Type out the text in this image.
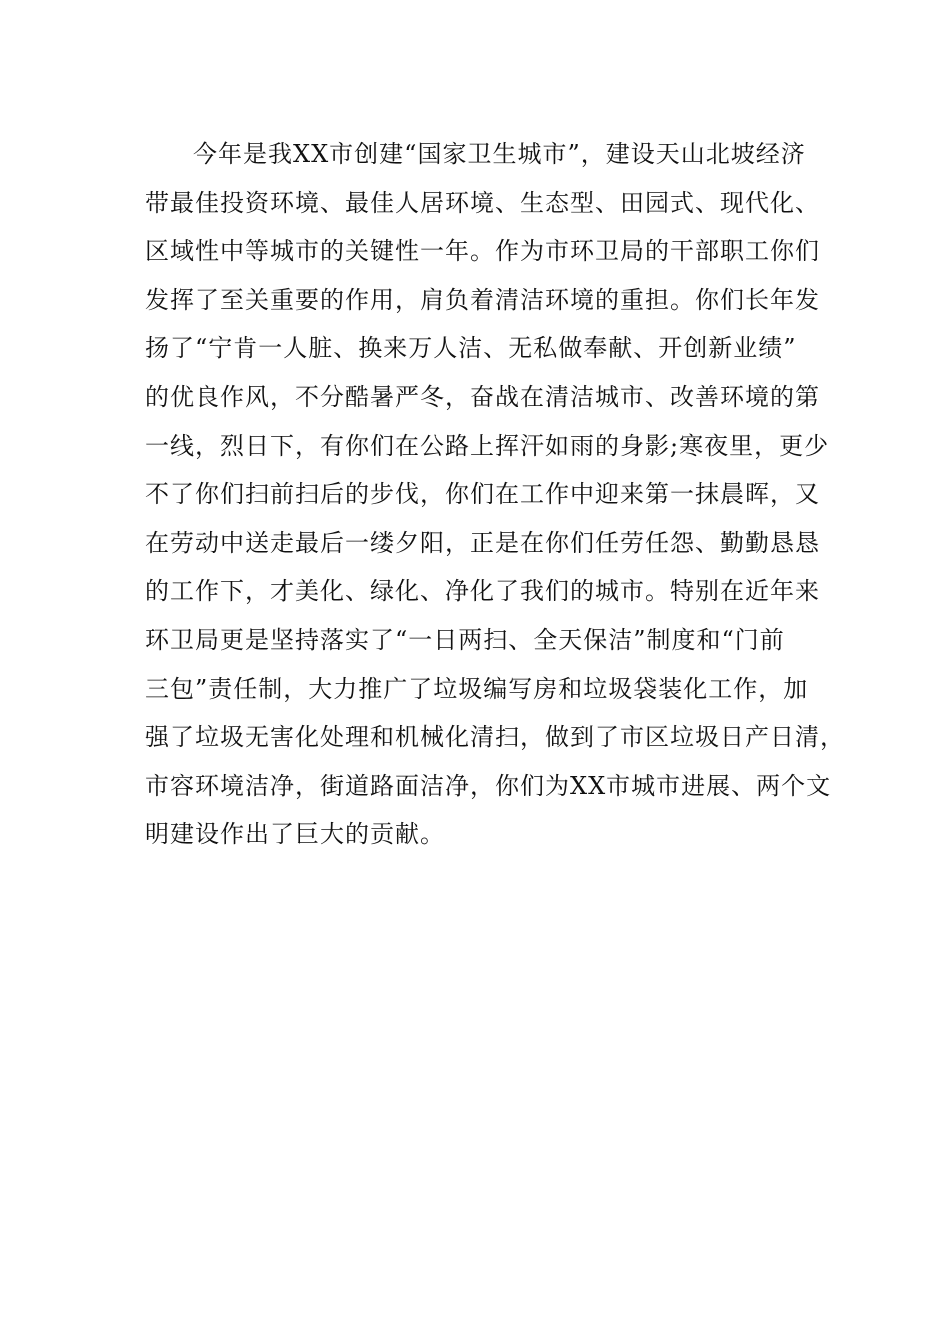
今年是我XX市创建“国家卫生城市”，建设天山北坡经济
带最佳投资环境、最佳人居环境、生态型、田园式、现代化、
区域性中等城市的关键性一年。作为市环卫局的干部职工你们
发挥了至关重要的作用，肩负着清洁环境的重担。你们长年发
扬了“宁肯一人脏、换来万人洁、无私做奉献、开创新业绩”
的优良作风，不分酷暑严冬，奋战在清洁城市、改善环境的第
一线，烈日下，有你们在公路上挥汗如雨的身影;寒夜里，更少
不了你们扫前扫后的步伐，你们在工作中迎来第一抹晨晖，又
在劳动中送走最后一缕夕阳，正是在你们任劳任怨、勤勤恳恳
的工作下，才美化、绿化、净化了我们的城市。特别在近年来
环卫局更是坚持落实了“一日两扫、全天保洁”制度和“门前
三包”责任制，大力推广了垃圾编写房和垃圾袋装化工作，加
强了垃圾无害化处理和机械化清扫，做到了市区垃圾日产日清，
市容环境洁净，街道路面洁净，你们为XX市城市进展、两个文
明建设作出了巨大的贡献。
